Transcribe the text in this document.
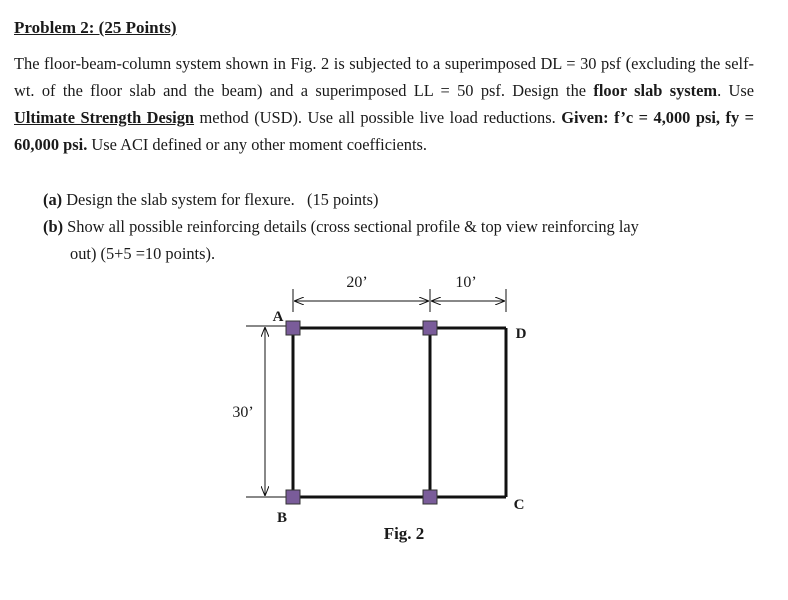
Problem 2: (25 Points)
The floor-beam-column system shown in Fig. 2 is subjected to a superimposed DL = 30 psf (excluding the self-wt. of the floor slab and the beam) and a superimposed LL = 50 psf. Design the floor slab system. Use Ultimate Strength Design method (USD). Use all possible live load reductions. Given: f’c = 4,000 psi, fy = 60,000 psi. Use ACI defined or any other moment coefficients.
(a) Design the slab system for flexure. (15 points)
(b) Show all possible reinforcing details (cross sectional profile & top view reinforcing lay
out) (5+5 =10 points).
20’	10’
30’
A
B
C
D
Fig. 2
